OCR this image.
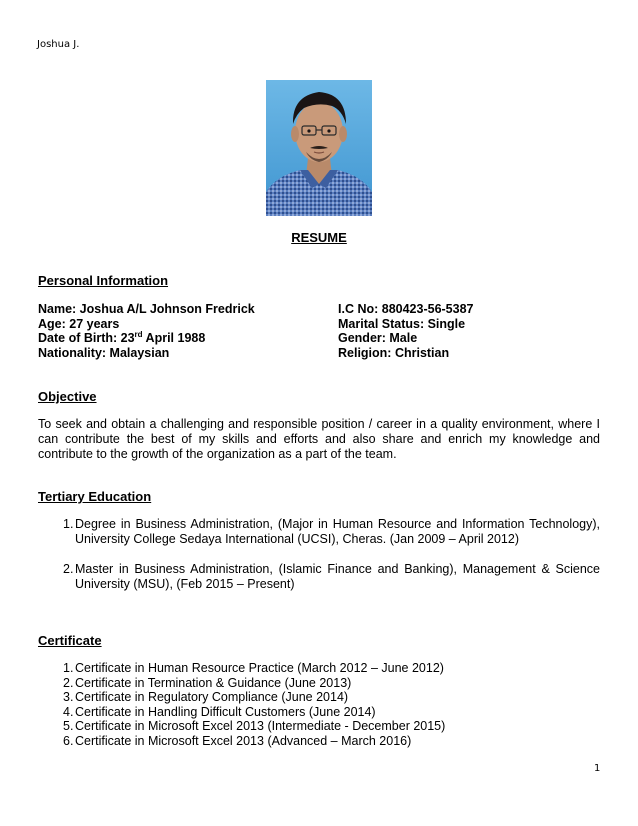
Joshua J.
RESUME
Personal Information
Name: Joshua A/L Johnson Fredrick	I.C No: 880423-56-5387
Age: 27 years	Marital Status: Single
Date of Birth: 23rd April 1988	Gender: Male
Nationality: Malaysian	Religion: Christian
Objective
To seek and obtain a challenging and responsible position / career in a quality environment, where I can contribute the best of my skills and efforts and also share and enrich my knowledge and contribute to the growth of the organization as a part of the team.
Tertiary Education
1. Degree in Business Administration, (Major in Human Resource and Information Technology), University College Sedaya International (UCSI), Cheras. (Jan 2009 – April 2012)
2. Master in Business Administration, (Islamic Finance and Banking), Management & Science University (MSU), (Feb 2015 – Present)
Certificate
1. Certificate in Human Resource Practice (March 2012 – June 2012)
2. Certificate in Termination & Guidance (June 2013)
3. Certificate in Regulatory Compliance (June 2014)
4. Certificate in Handling Difficult Customers (June 2014)
5. Certificate in Microsoft Excel 2013 (Intermediate - December 2015)
6. Certificate in Microsoft Excel 2013 (Advanced – March 2016)
1
